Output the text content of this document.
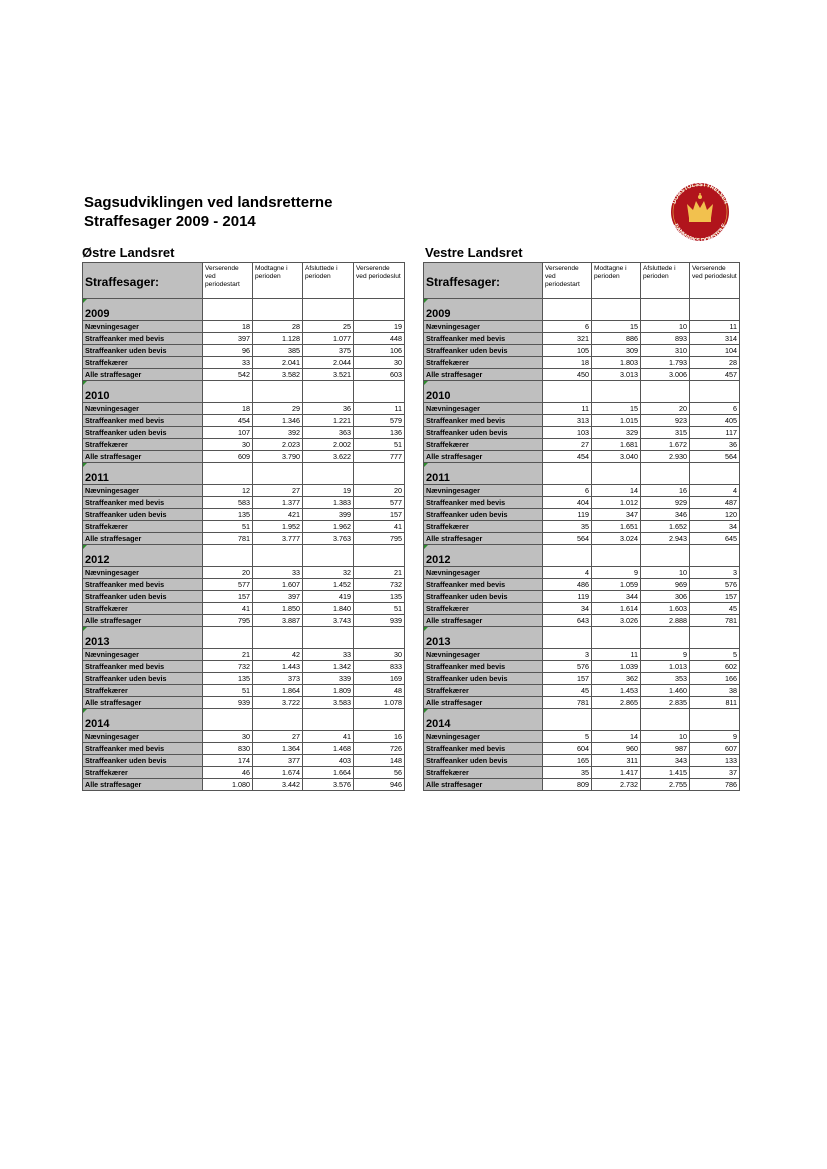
Sagsudviklingen ved landsretterne
Straffesager 2009 - 2014
DOMSTOLSSTYRELSEN
DANMARKS DOMSTOLE
Østre Landsret	Vestre Landsret
Straffesager:	Verserende ved periodestart	Modtagne i perioden	Afsluttede i perioden	Verserende ved periodeslut
2009				
Nævningesager	18	28	25	19
Straffeanker med bevis	397	1.128	1.077	448
Straffeanker uden bevis	96	385	375	106
Straffekærer	33	2.041	2.044	30
Alle straffesager	542	3.582	3.521	603
2010				
Nævningesager	18	29	36	11
Straffeanker med bevis	454	1.346	1.221	579
Straffeanker uden bevis	107	392	363	136
Straffekærer	30	2.023	2.002	51
Alle straffesager	609	3.790	3.622	777
2011				
Nævningesager	12	27	19	20
Straffeanker med bevis	583	1.377	1.383	577
Straffeanker uden bevis	135	421	399	157
Straffekærer	51	1.952	1.962	41
Alle straffesager	781	3.777	3.763	795
2012				
Nævningesager	20	33	32	21
Straffeanker med bevis	577	1.607	1.452	732
Straffeanker uden bevis	157	397	419	135
Straffekærer	41	1.850	1.840	51
Alle straffesager	795	3.887	3.743	939
2013				
Nævningesager	21	42	33	30
Straffeanker med bevis	732	1.443	1.342	833
Straffeanker uden bevis	135	373	339	169
Straffekærer	51	1.864	1.809	48
Alle straffesager	939	3.722	3.583	1.078
2014				
Nævningesager	30	27	41	16
Straffeanker med bevis	830	1.364	1.468	726
Straffeanker uden bevis	174	377	403	148
Straffekærer	46	1.674	1.664	56
Alle straffesager	1.080	3.442	3.576	946
Straffesager:	Verserende ved periodestart	Modtagne i perioden	Afsluttede i perioden	Verserende ved periodeslut
2009				
Nævningesager	6	15	10	11
Straffeanker med bevis	321	886	893	314
Straffeanker uden bevis	105	309	310	104
Straffekærer	18	1.803	1.793	28
Alle straffesager	450	3.013	3.006	457
2010				
Nævningesager	11	15	20	6
Straffeanker med bevis	313	1.015	923	405
Straffeanker uden bevis	103	329	315	117
Straffekærer	27	1.681	1.672	36
Alle straffesager	454	3.040	2.930	564
2011				
Nævningesager	6	14	16	4
Straffeanker med bevis	404	1.012	929	487
Straffeanker uden bevis	119	347	346	120
Straffekærer	35	1.651	1.652	34
Alle straffesager	564	3.024	2.943	645
2012				
Nævningesager	4	9	10	3
Straffeanker med bevis	486	1.059	969	576
Straffeanker uden bevis	119	344	306	157
Straffekærer	34	1.614	1.603	45
Alle straffesager	643	3.026	2.888	781
2013				
Nævningesager	3	11	9	5
Straffeanker med bevis	576	1.039	1.013	602
Straffeanker uden bevis	157	362	353	166
Straffekærer	45	1.453	1.460	38
Alle straffesager	781	2.865	2.835	811
2014				
Nævningesager	5	14	10	9
Straffeanker med bevis	604	960	987	607
Straffeanker uden bevis	165	311	343	133
Straffekærer	35	1.417	1.415	37
Alle straffesager	809	2.732	2.755	786
